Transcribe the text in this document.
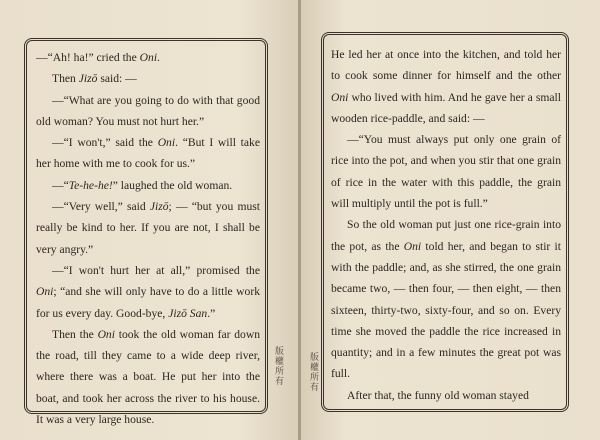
—“Ah! ha!” cried the Oni.

Then Jizō said: —

—“What are you going to do with that good old woman? You must not hurt her.”

—“I won't,” said the Oni. “But I will take her home with me to cook for us.”

—“Te-he-he!” laughed the old woman.

—“Very well,” said Jizō; — “but you must really be kind to her. If you are not, I shall be very angry.”

—“I won't hurt her at all,” promised the Oni; “and she will only have to do a little work for us every day. Good-bye, Jizō San.”

Then the Oni took the old woman far down the road, till they came to a wide deep river, where there was a boat. He put her into the boat, and took her across the river to his house. It was a very large house.

版權所有

He led her at once into the kitchen, and told her to cook some dinner for himself and the other Oni who lived with him. And he gave her a small wooden rice-paddle, and said: —

—“You must always put only one grain of rice into the pot, and when you stir that one grain of rice in the water with this paddle, the grain will multiply until the pot is full.”

So the old woman put just one rice-grain into the pot, as the Oni told her, and began to stir it with the paddle; and, as she stirred, the one grain became two, — then four, — then eight, — then sixteen, thirty-two, sixty-four, and so on. Every time she moved the paddle the rice increased in quantity; and in a few minutes the great pot was full.

After that, the funny old woman stayed

版權所有
